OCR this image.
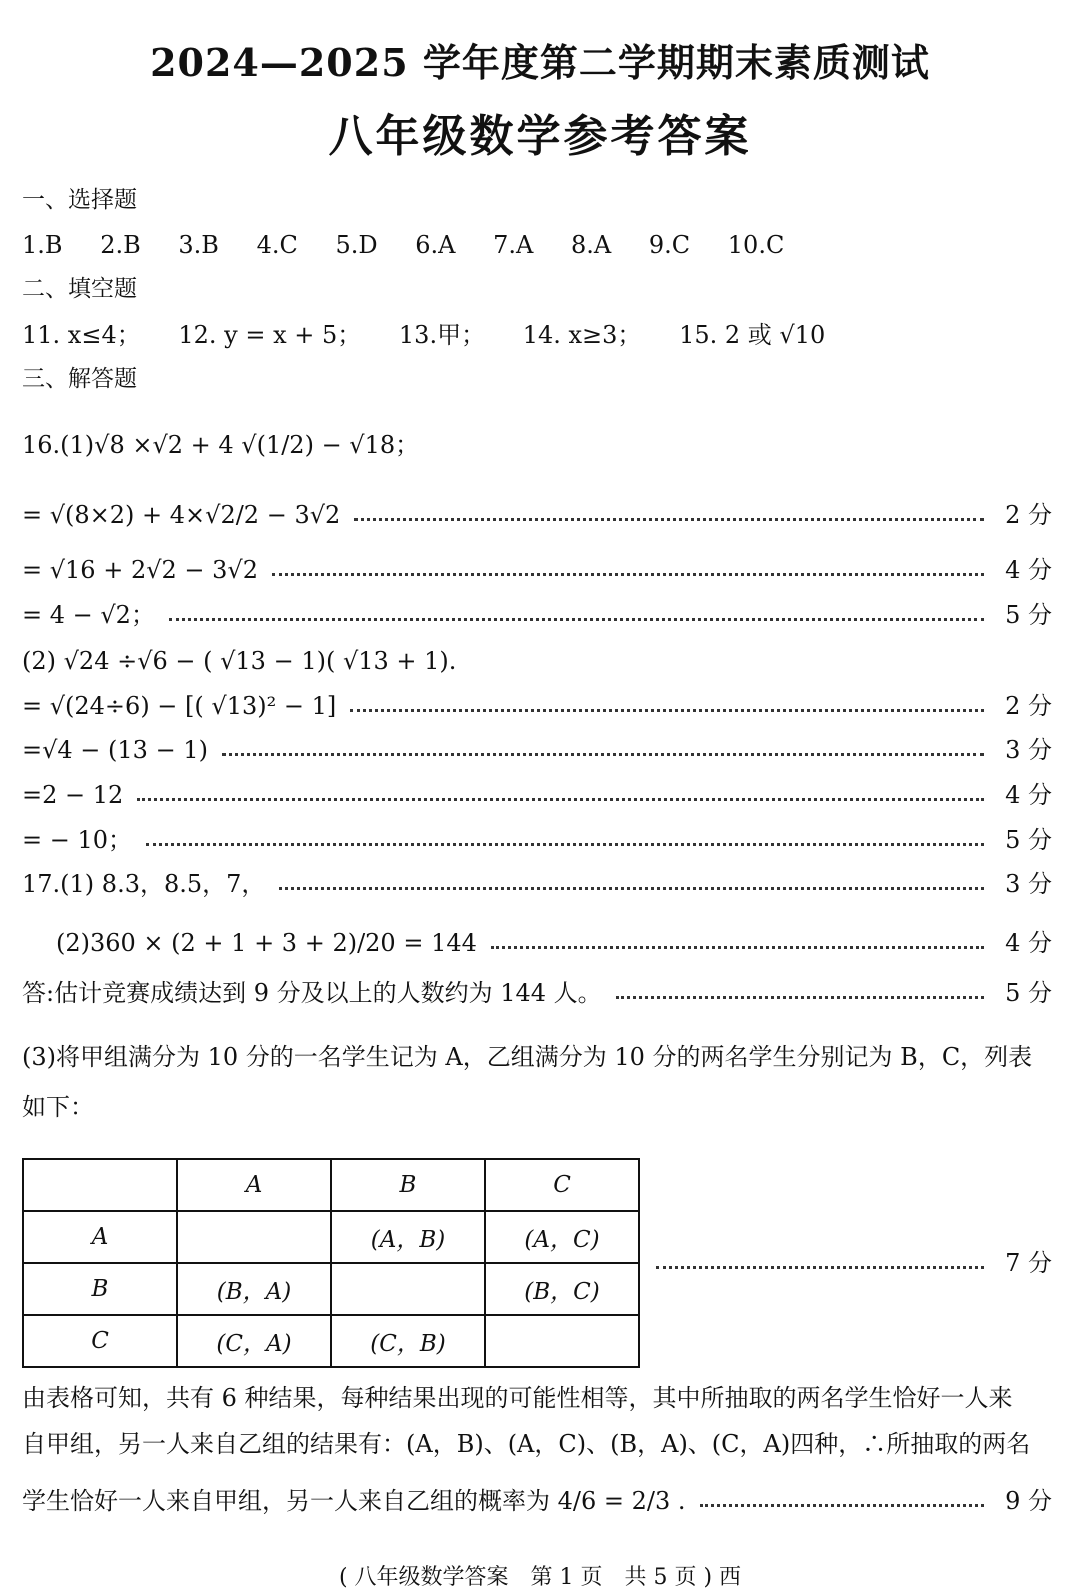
2024—2025 学年度第二学期期末素质测试
八年级数学参考答案
一、选择题
1.B 2.B 3.B 4.C 5.D 6.A 7.A 8.A 9.C 10.C
二、填空题
11. x≤4； 12. y = x + 5； 13.甲； 14. x≥3； 15. 2 或 √10
三、解答题
16.(1)√8 ×√2 + 4 √(1/2) − √18；
= √(8×2) + 4×√2/2 − 3√2	2 分
= √16 + 2√2 − 3√2	4 分
= 4 − √2；	5 分
(2) √24 ÷√6 − ( √13 − 1)( √13 + 1).
= √(24÷6) − [( √13)² − 1]	2 分
=√4 − (13 − 1)	3 分
=2 − 12	4 分
= − 10；	5 分
17.(1) 8.3，8.5，7，	3 分
(2)360 × (2 + 1 + 3 + 2)/20 = 144	4 分
答:估计竞赛成绩达到 9 分及以上的人数约为 144 人。	5 分
(3)将甲组满分为 10 分的一名学生记为 A，乙组满分为 10 分的两名学生分别记为 B，C，列表如下：
	A	B	C
A		(A，B)	(A，C)
B	(B，A)		(B，C)
C	(C，A)	(C，B)	
7 分
由表格可知，共有 6 种结果，每种结果出现的可能性相等，其中所抽取的两名学生恰好一人来
自甲组，另一人来自乙组的结果有：(A，B)、(A，C)、(B，A)、(C，A)四种，∴所抽取的两名
学生恰好一人来自甲组，另一人来自乙组的概率为 4/6 = 2/3 .	9 分
( 八年级数学答案　第 1 页　共 5 页 ) 西
